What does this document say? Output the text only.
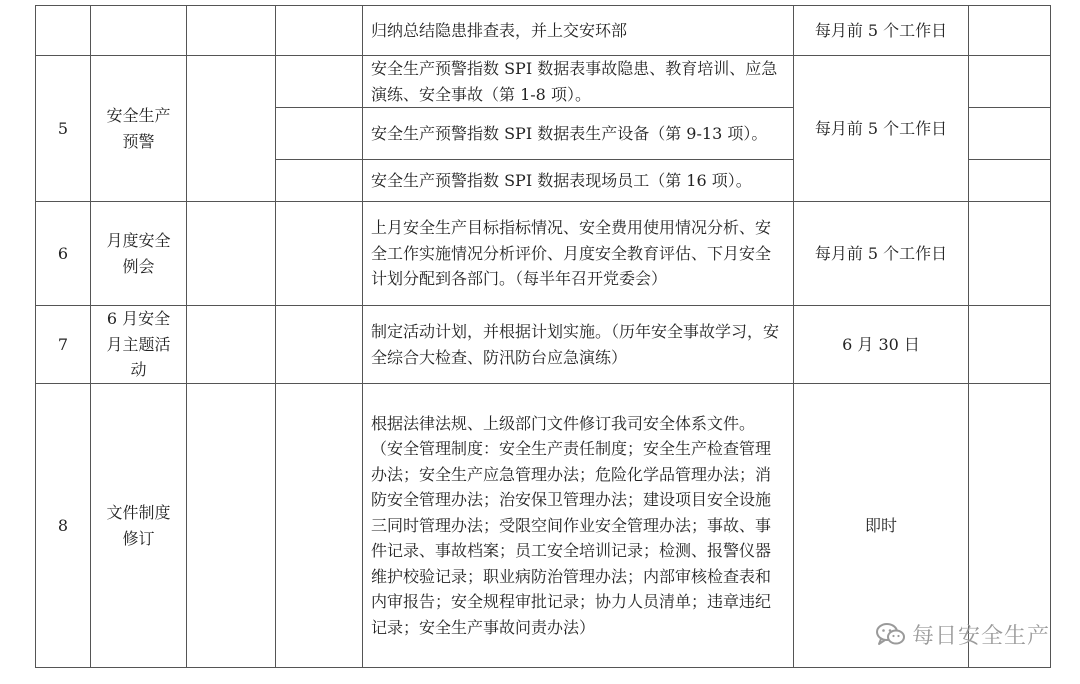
				归纳总结隐患排查表，并上交安环部	每月前 5 个工作日	
5	安全生产预警			安全生产预警指数 SPI 数据表事故隐患、教育培训、应急演练、安全事故（第 1-8 项）。	每月前 5 个工作日	
				安全生产预警指数 SPI 数据表生产设备（第 9-13 项）。		
				安全生产预警指数 SPI 数据表现场员工（第 16 项）。		
6	月度安全例会			上月安全生产目标指标情况、安全费用使用情况分析、安全工作实施情况分析评价、月度安全教育评估、下月安全计划分配到各部门。（每半年召开党委会）	每月前 5 个工作日	
7	6 月安全月主题活动			制定活动计划，并根据计划实施。（历年安全事故学习，安全综合大检查、防汛防台应急演练）	6 月 30 日	
8	文件制度修订			根据法律法规、上级部门文件修订我司安全体系文件。
（安全管理制度：安全生产责任制度；安全生产检查管理办法；安全生产应急管理办法；危险化学品管理办法；消防安全管理办法；治安保卫管理办法；建设项目安全设施三同时管理办法；受限空间作业安全管理办法；事故、事件记录、事故档案；员工安全培训记录；检测、报警仪器维护校验记录；职业病防治管理办法；内部审核检查表和内审报告；安全规程审批记录；协力人员清单；违章违纪记录；安全生产事故问责办法）	即时	
每日安全生产
